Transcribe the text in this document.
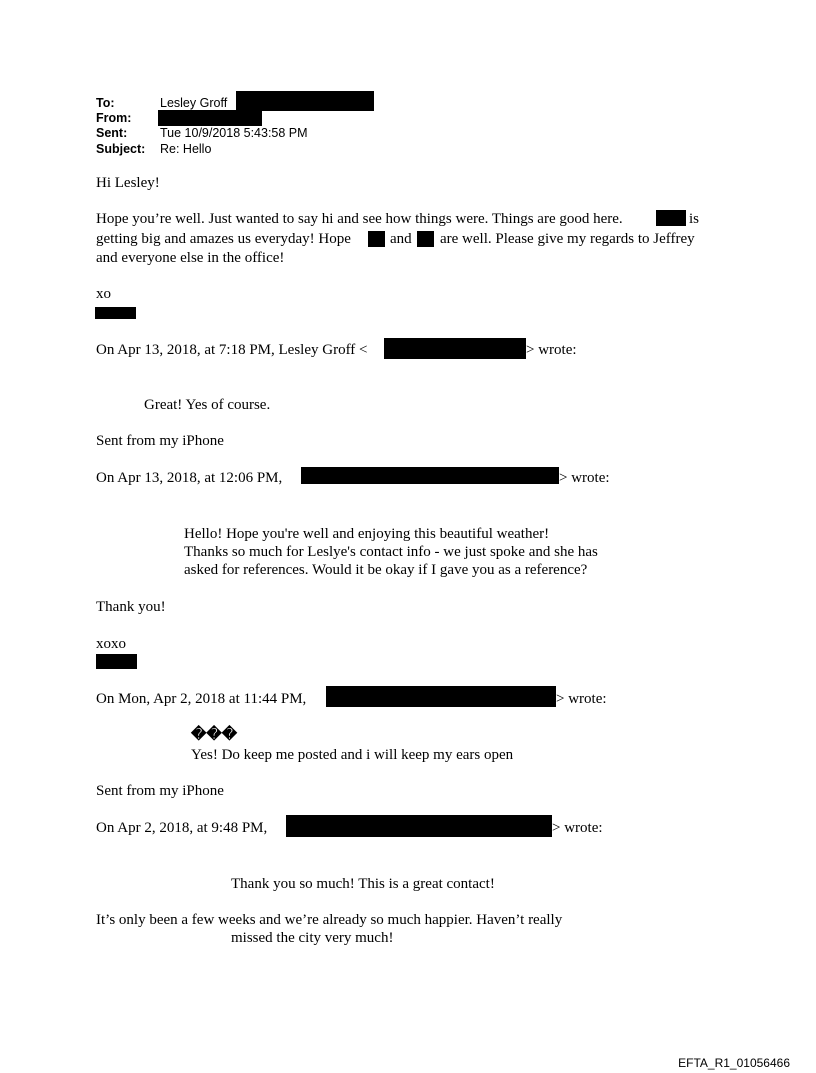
To:	Lesley Groff
From:
Sent:	Tue 10/9/2018 5:43:58 PM
Subject: Re: Hello
Hi Lesley!
Hope you’re well. Just wanted to say hi and see how things were. Things are good here.	is
getting big and amazes us everyday! Hope	and are well. Please give my regards to Jeffrey
and everyone else in the office!
xo
On Apr 13, 2018, at 7:18 PM, Lesley Groff <	> wrote:
Great! Yes of course.
Sent from my iPhone
On Apr 13, 2018, at 12:06 PM,	> wrote:
Hello! Hope you're well and enjoying this beautiful weather!
Thanks so much for Leslye's contact info - we just spoke and she has
asked for references. Would it be okay if I gave you as a reference?
Thank you!
xoxo
On Mon, Apr 2, 2018 at 11:44 PM,	> wrote:
���
Yes! Do keep me posted and i will keep my ears open
Sent from my iPhone
On Apr 2, 2018, at 9:48 PM,	> wrote:
Thank you so much! This is a great contact!
It’s only been a few weeks and we’re already so much happier. Haven’t really
missed the city very much!
EFTA_R1_01056466
